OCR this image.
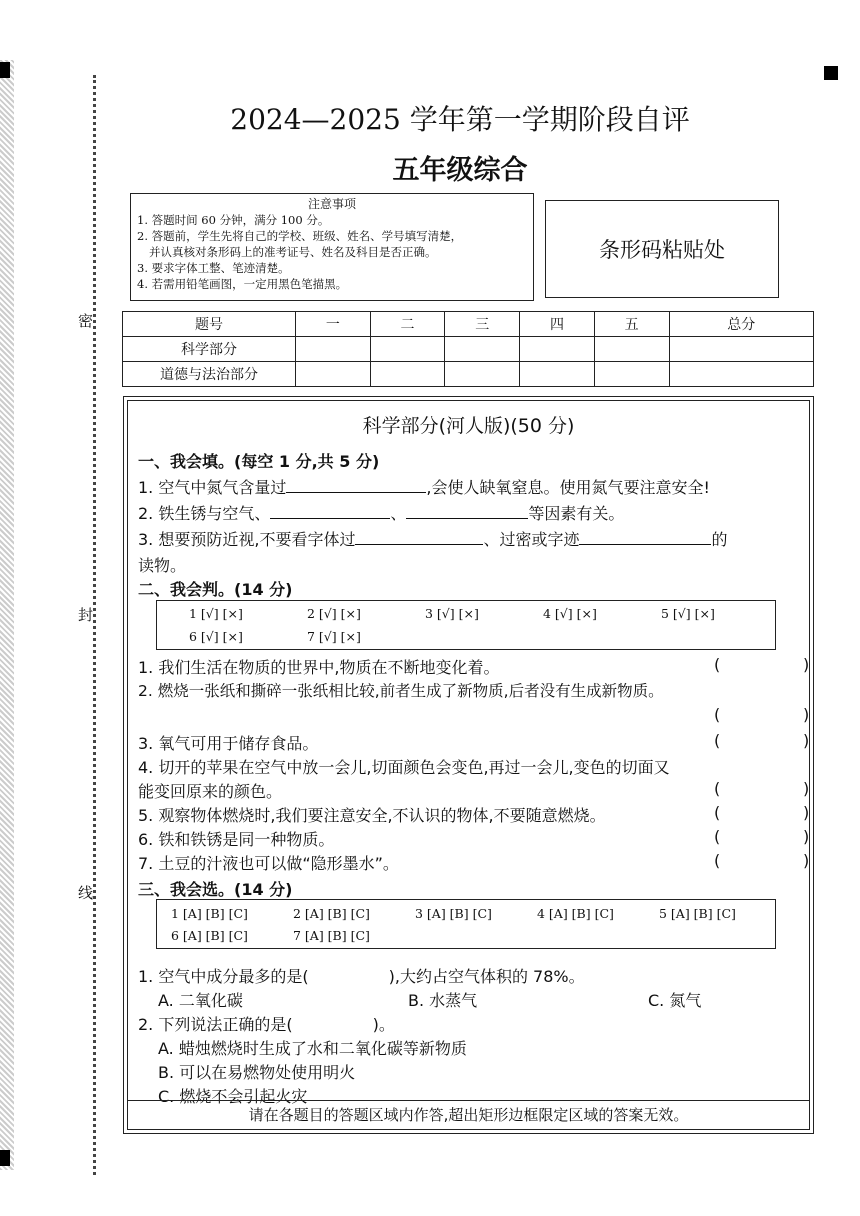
密
封
线
2024—2025 学年第一学期阶段自评
五年级综合
注意事项
1. 答题时间 60 分钟，满分 100 分。
2. 答题前，学生先将自己的学校、班级、姓名、学号填写清楚，
并认真核对条形码上的准考证号、姓名及科目是否正确。
3. 要求字体工整、笔迹清楚。
4. 若需用铅笔画图，一定用黑色笔描黑。
条形码粘贴处
题号	一	二	三	四	五	总分
科学部分						
道德与法治部分						
科学部分(河人版)(50 分)
一、我会填。(每空 1 分,共 5 分)
1. 空气中氮气含量过	,会使人缺氧窒息。使用氮气要注意安全!
2. 铁生锈与空气、	、	等因素有关。
3. 想要预防近视,不要看字体过	、过密或字迹	的
读物。
二、我会判。(14 分)
1 [√] [×]	2 [√] [×]	3 [√] [×]	4 [√] [×]	5 [√] [×]
6 [√] [×]	7 [√] [×]
1. 我们生活在物质的世界中,物质在不断地变化着。
2. 燃烧一张纸和撕碎一张纸相比较,前者生成了新物质,后者没有生成新物质。
3. 氧气可用于储存食品。
4. 切开的苹果在空气中放一会儿,切面颜色会变色,再过一会儿,变色的切面又
能变回原来的颜色。
5. 观察物体燃烧时,我们要注意安全,不认识的物体,不要随意燃烧。
6. 铁和铁锈是同一种物质。
7. 土豆的汁液也可以做“隐形墨水”。
(	)
(	)
(	)
(	)
(	)
(	)
(	)
三、我会选。(14 分)
1 [A] [B] [C]	2 [A] [B] [C]	3 [A] [B] [C]	4 [A] [B] [C]	5 [A] [B] [C]
6 [A] [B] [C]	7 [A] [B] [C]
1. 空气中成分最多的是(	),大约占空气体积的 78%。
A. 二氧化碳	B. 水蒸气	C. 氮气
2. 下列说法正确的是(	)。
A. 蜡烛燃烧时生成了水和二氧化碳等新物质
B. 可以在易燃物处使用明火
C. 燃烧不会引起火灾
请在各题目的答题区域内作答,超出矩形边框限定区域的答案无效。
